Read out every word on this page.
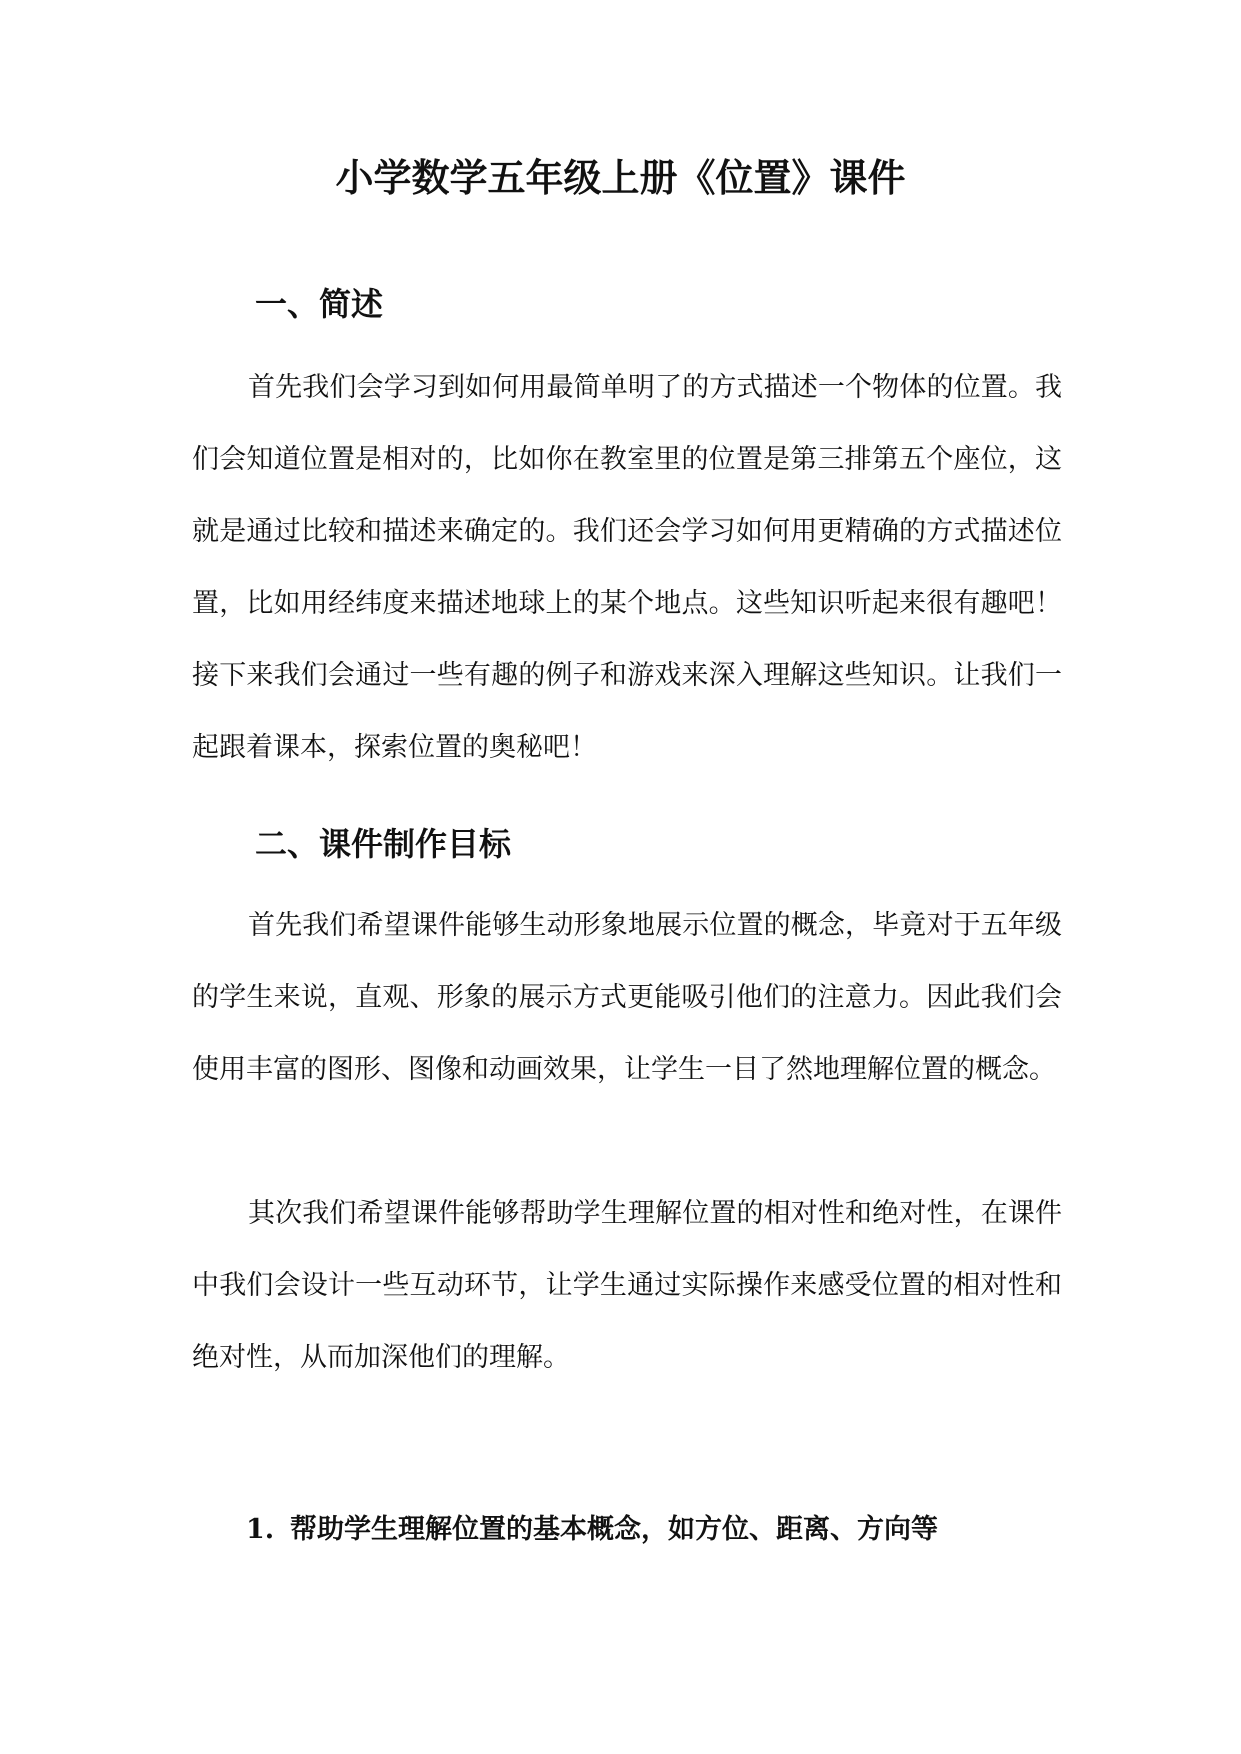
小学数学五年级上册《位置》课件
一、简述

首先我们会学习到如何用最简单明了的方式描述一个物体的位置。我们会知道位置是相对的，比如你在教室里的位置是第三排第五个座位，这就是通过比较和描述来确定的。我们还会学习如何用更精确的方式描述位置，比如用经纬度来描述地球上的某个地点。这些知识听起来很有趣吧！接下来我们会通过一些有趣的例子和游戏来深入理解这些知识。让我们一起跟着课本，探索位置的奥秘吧！

二、课件制作目标

首先我们希望课件能够生动形象地展示位置的概念，毕竟对于五年级的学生来说，直观、形象的展示方式更能吸引他们的注意力。因此我们会使用丰富的图形、图像和动画效果，让学生一目了然地理解位置的概念。

其次我们希望课件能够帮助学生理解位置的相对性和绝对性，在课件中我们会设计一些互动环节，让学生通过实际操作来感受位置的相对性和绝对性，从而加深他们的理解。

1. 帮助学生理解位置的基本概念，如方位、距离、方向等
